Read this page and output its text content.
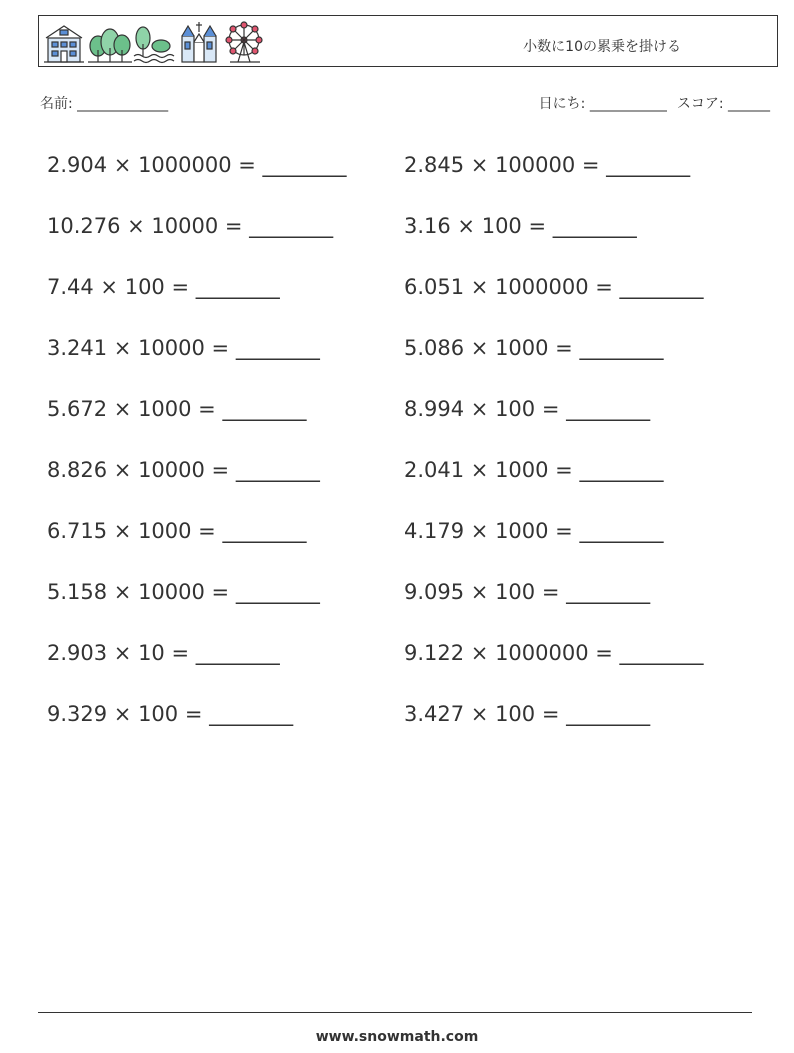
小数に10の累乗を掛ける
名前: _____________	日にち: ___________ スコア: ______
2.904 × 1000000 = ________	2.845 × 100000 = ________
10.276 × 10000 = ________	3.16 × 100 = ________
7.44 × 100 = ________	6.051 × 1000000 = ________
3.241 × 10000 = ________	5.086 × 1000 = ________
5.672 × 1000 = ________	8.994 × 100 = ________
8.826 × 10000 = ________	2.041 × 1000 = ________
6.715 × 1000 = ________	4.179 × 1000 = ________
5.158 × 10000 = ________	9.095 × 100 = ________
2.903 × 10 = ________	9.122 × 1000000 = ________
9.329 × 100 = ________	3.427 × 100 = ________
www.snowmath.com
